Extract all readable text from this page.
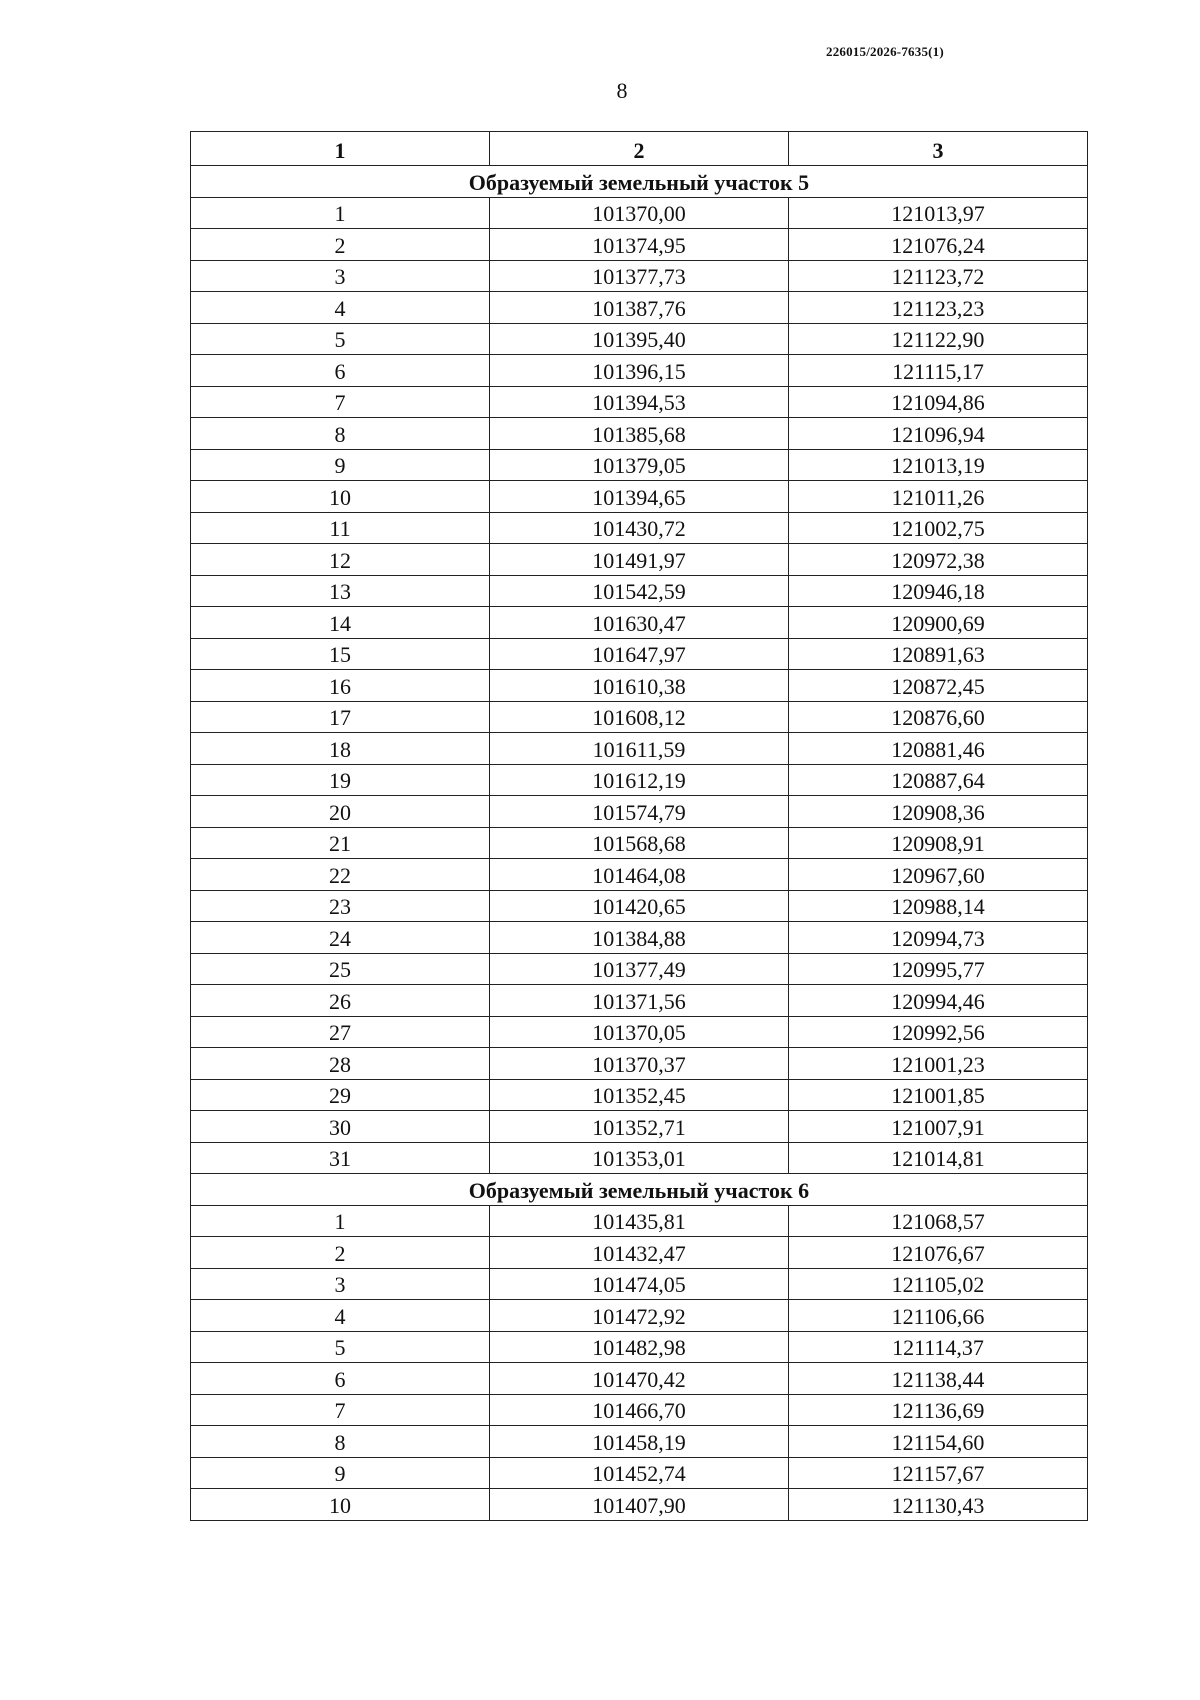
226015/2026-7635(1)
8
1	2	3
Образуемый земельный участок 5		
1	101370,00	121013,97
2	101374,95	121076,24
3	101377,73	121123,72
4	101387,76	121123,23
5	101395,40	121122,90
6	101396,15	121115,17
7	101394,53	121094,86
8	101385,68	121096,94
9	101379,05	121013,19
10	101394,65	121011,26
11	101430,72	121002,75
12	101491,97	120972,38
13	101542,59	120946,18
14	101630,47	120900,69
15	101647,97	120891,63
16	101610,38	120872,45
17	101608,12	120876,60
18	101611,59	120881,46
19	101612,19	120887,64
20	101574,79	120908,36
21	101568,68	120908,91
22	101464,08	120967,60
23	101420,65	120988,14
24	101384,88	120994,73
25	101377,49	120995,77
26	101371,56	120994,46
27	101370,05	120992,56
28	101370,37	121001,23
29	101352,45	121001,85
30	101352,71	121007,91
31	101353,01	121014,81
Образуемый земельный участок 6		
1	101435,81	121068,57
2	101432,47	121076,67
3	101474,05	121105,02
4	101472,92	121106,66
5	101482,98	121114,37
6	101470,42	121138,44
7	101466,70	121136,69
8	101458,19	121154,60
9	101452,74	121157,67
10	101407,90	121130,43
